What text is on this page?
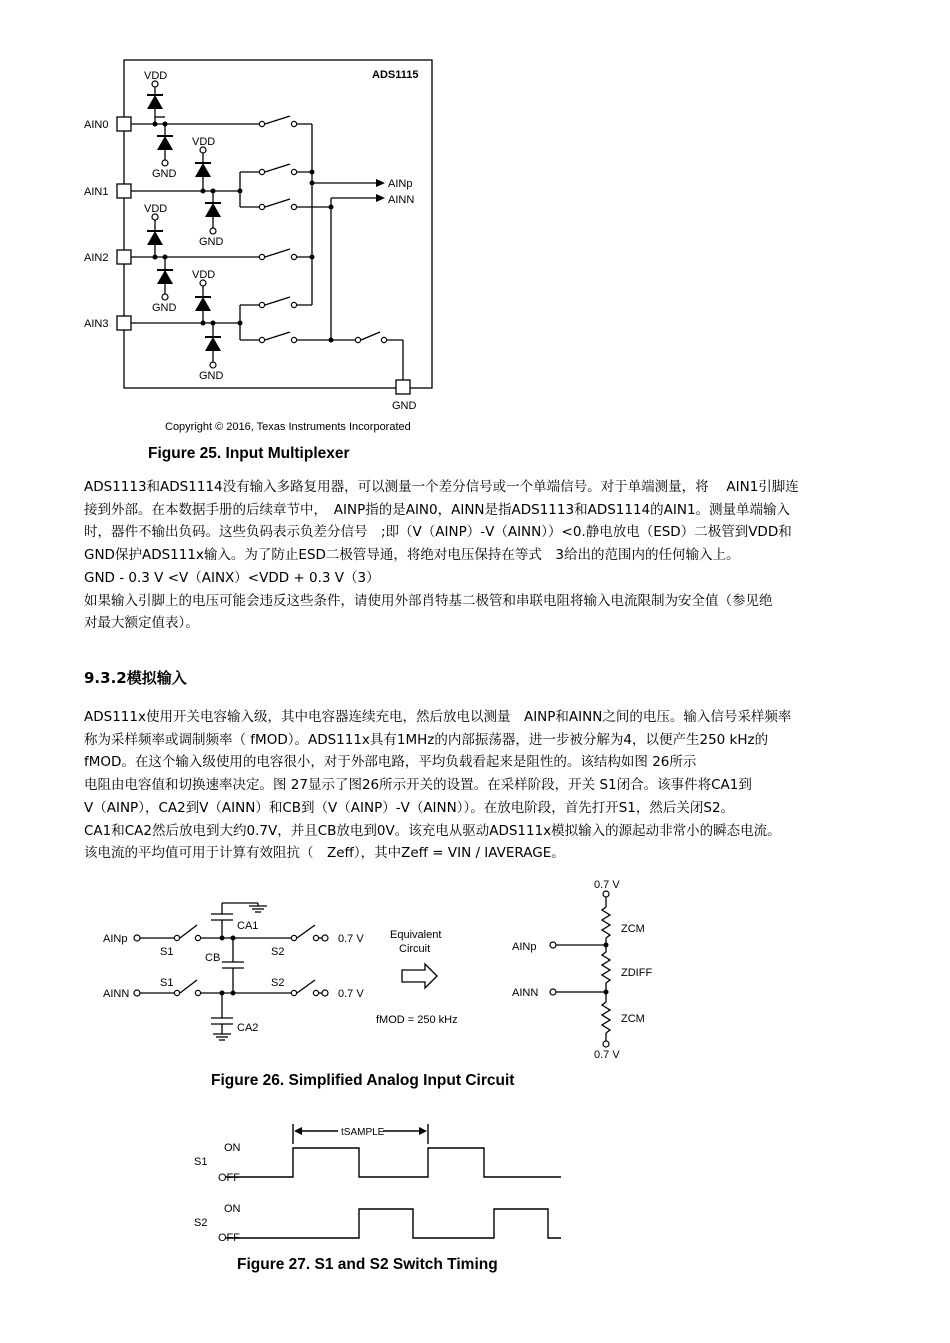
ADS1115
AIN0
AIN1
AIN2
AIN3
VDD
GND
VDD
GND
VDD
GND
VDD
GND
AINp
AINN
GND
Copyright © 2016, Texas Instruments Incorporated
Figure 25. Input Multiplexer
ADS1113和ADS1114没有输入多路复用器，可以测量一个差分信号或一个单端信号。对于单端测量，将　 AIN1引脚连
接到外部。在本数据手册的后续章节中，　AINP指的是AIN0，AINN是指ADS1113和ADS1114的AIN1。测量单端输入
时，器件不输出负码。这些负码表示负差分信号　;即（V（AINP）-V（AINN））<0.静电放电（ESD）二极管到VDD和
GND保护ADS111x输入。为了防止ESD二极管导通，将绝对电压保持在等式　3给出的范围内的任何输入上。
GND - 0.3 V <V（AINX）<VDD + 0.3 V（3）
如果输入引脚上的电压可能会违反这些条件，请使用外部肖特基二极管和串联电阻将输入电流限制为安全值（参见绝
对最大额定值表）。
9.3.2模拟输入
ADS111x使用开关电容输入级，其中电容器连续充电，然后放电以测量　AINP和AINN之间的电压。输入信号采样频率
称为采样频率或调制频率（ fMOD）。ADS111x具有1MHz的内部振荡器，进一步被分解为4，以便产生250 kHz的
fMOD。在这个输入级使用的电容很小，对于外部电路，平均负载看起来是阻性的。该结构如图 26所示
电阻由电容值和切换速率决定。图 27显示了图26所示开关的设置。在采样阶段，开关 S1闭合。该事件将CA1到
V（AINP），CA2到V（AINN）和CB到（V（AINP）-V（AINN））。在放电阶段，首先打开S1，然后关闭S2。
CA1和CA2然后放电到大约0.7V，并且CB放电到0V。该充电从驱动ADS111x模拟输入的源起动非常小的瞬态电流。
该电流的平均值可用于计算有效阻抗（　Zeff），其中Zeff = VIN / IAVERAGE。
AINp
AINN
S1
S1
S2
S2
CA1
CB
CA2
0.7 V
0.7 V
Equivalent
Circuit
fMOD = 250 kHz
0.7 V
0.7 V
ZCM
ZDIFF
ZCM
AINp
AINN
Figure 26. Simplified Analog Input Circuit
tSAMPLE
ON
OFF
ON
OFF
S1
S2
Figure 27. S1 and S2 Switch Timing
